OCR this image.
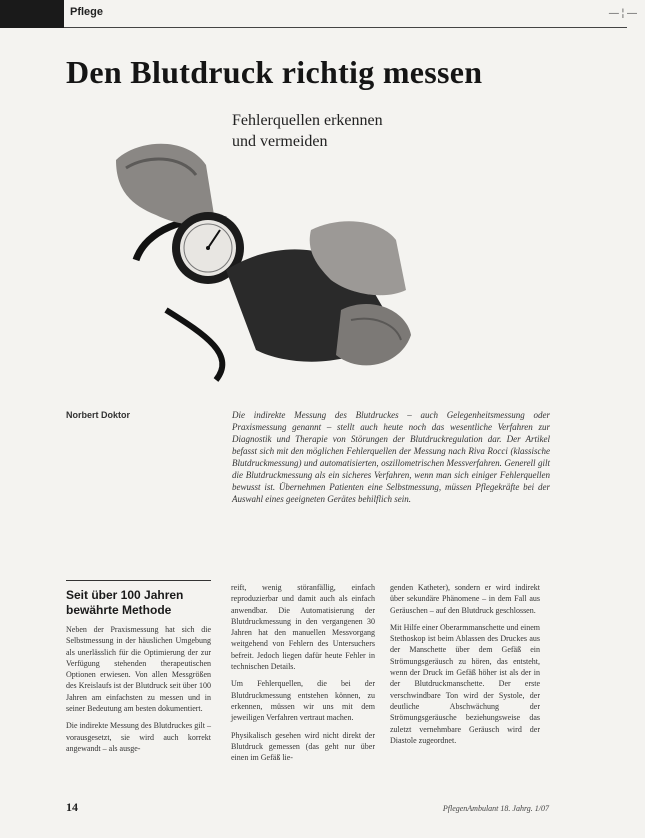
Pflege	— ¦ —
Den Blutdruck richtig messen
Fehlerquellen erkennen
und vermeiden
Norbert Doktor	Die indirekte Messung des Blutdruckes – auch Gelegenheitsmessung oder Praxismessung genannt – stellt auch heute noch das wesentliche Verfahren zur Diagnostik und Therapie von Störungen der Blutdruckregulation dar. Der Artikel befasst sich mit den möglichen Fehlerquellen der Messung nach Riva Rocci (klassische Blutdruckmessung) und automatisierten, oszillometrischen Messverfahren. Generell gilt die Blutdruckmessung als ein sicheres Verfahren, wenn man sich einiger Fehlerquellen bewusst ist. Übernehmen Patienten eine Selbstmessung, müssen Pflegekräfte bei der Auswahl eines geeigneten Gerätes behilflich sein.

Seit über 100 Jahren
bewährte Methode

Neben der Praxismessung hat sich die Selbstmessung in der häuslichen Umgebung als unerlässlich für die Optimierung der zur Verfügung stehenden therapeutischen Optionen erwiesen. Von allen Messgrößen des Kreislaufs ist der Blutdruck seit über 100 Jahren am einfachsten zu messen und in seiner Bedeutung am besten dokumentiert.

Die indirekte Messung des Blutdruckes gilt – vorausgesetzt, sie wird auch korrekt angewandt – als ausge-

reift, wenig störanfällig, einfach reproduzierbar und damit auch als einfach anwendbar. Die Automatisierung der Blutdruckmessung in den vergangenen 30 Jahren hat den manuellen Messvorgang weitgehend von Fehlern des Untersuchers befreit. Jedoch liegen dafür heute Fehler in technischen Details.

Um Fehlerquellen, die bei der Blutdruckmessung entstehen können, zu erkennen, müssen wir uns mit dem jeweiligen Verfahren vertraut machen.

Physikalisch gesehen wird nicht direkt der Blutdruck gemessen (das geht nur über einen im Gefäß lie-

genden Katheter), sondern er wird indirekt über sekundäre Phänomene – in dem Fall aus Geräuschen – auf den Blutdruck geschlossen.

Mit Hilfe einer Oberarmmanschette und einem Stethoskop ist beim Ablassen des Druckes aus der Manschette über dem Gefäß ein Strömungsgeräusch zu hören, das entsteht, wenn der Druck im Gefäß höher ist als der in der Blutdruckmanschette. Der erste verschwindbare Ton wird der Systole, der deutliche Abschwächung der Strömungsgeräusche beziehungsweise das zuletzt vernehmbare Geräusch wird der Diastole zugeordnet.

14	PflegenAmbulant 18. Jahrg. 1/07
